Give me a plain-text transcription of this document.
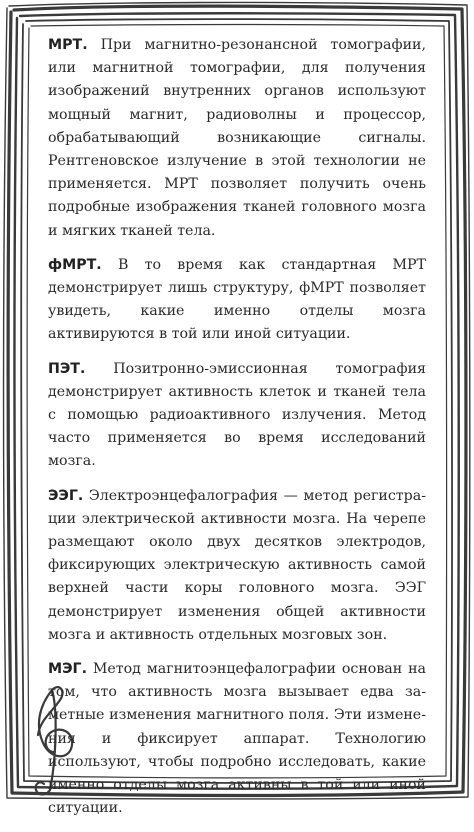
МРТ. При магнитно-резонансной томографии, или магнитной томографии, для получения изображений внутренних органов используют мощный магнит, радиоволны и процессор, обрабатывающий возникающие сигналы. Рентгеновское излучение в этой технологии не применяется. МРТ позволяет получить очень подробные изображения тканей головного мозга и мягких тканей тела.

фМРТ. В то время как стандартная МРТ демонстрирует лишь структуру, фМРТ позволяет увидеть, какие именно отделы мозга активируются в той или иной ситуации.

ПЭТ. Позитронно-эмиссионная томография демонстрирует активность клеток и тканей тела с помощью радиоактивного излучения. Метод часто применяется во время исследований мозга.

ЭЭГ. Электроэнцефалография — метод регистрации электрической активности мозга. На черепе размещают около двух десятков электродов, фиксирующих электрическую активность самой верхней части коры головного мозга. ЭЭГ демонстрирует изменения общей активности мозга и активность отдельных мозговых зон.

МЭГ. Метод магнитоэнцефалографии основан на том, что активность мозга вызывает едва заметные изменения магнитного поля. Эти изменения и фиксирует аппарат. Технологию используют, чтобы подробно исследовать, какие именно отделы мозга активны в той или иной ситуации.
